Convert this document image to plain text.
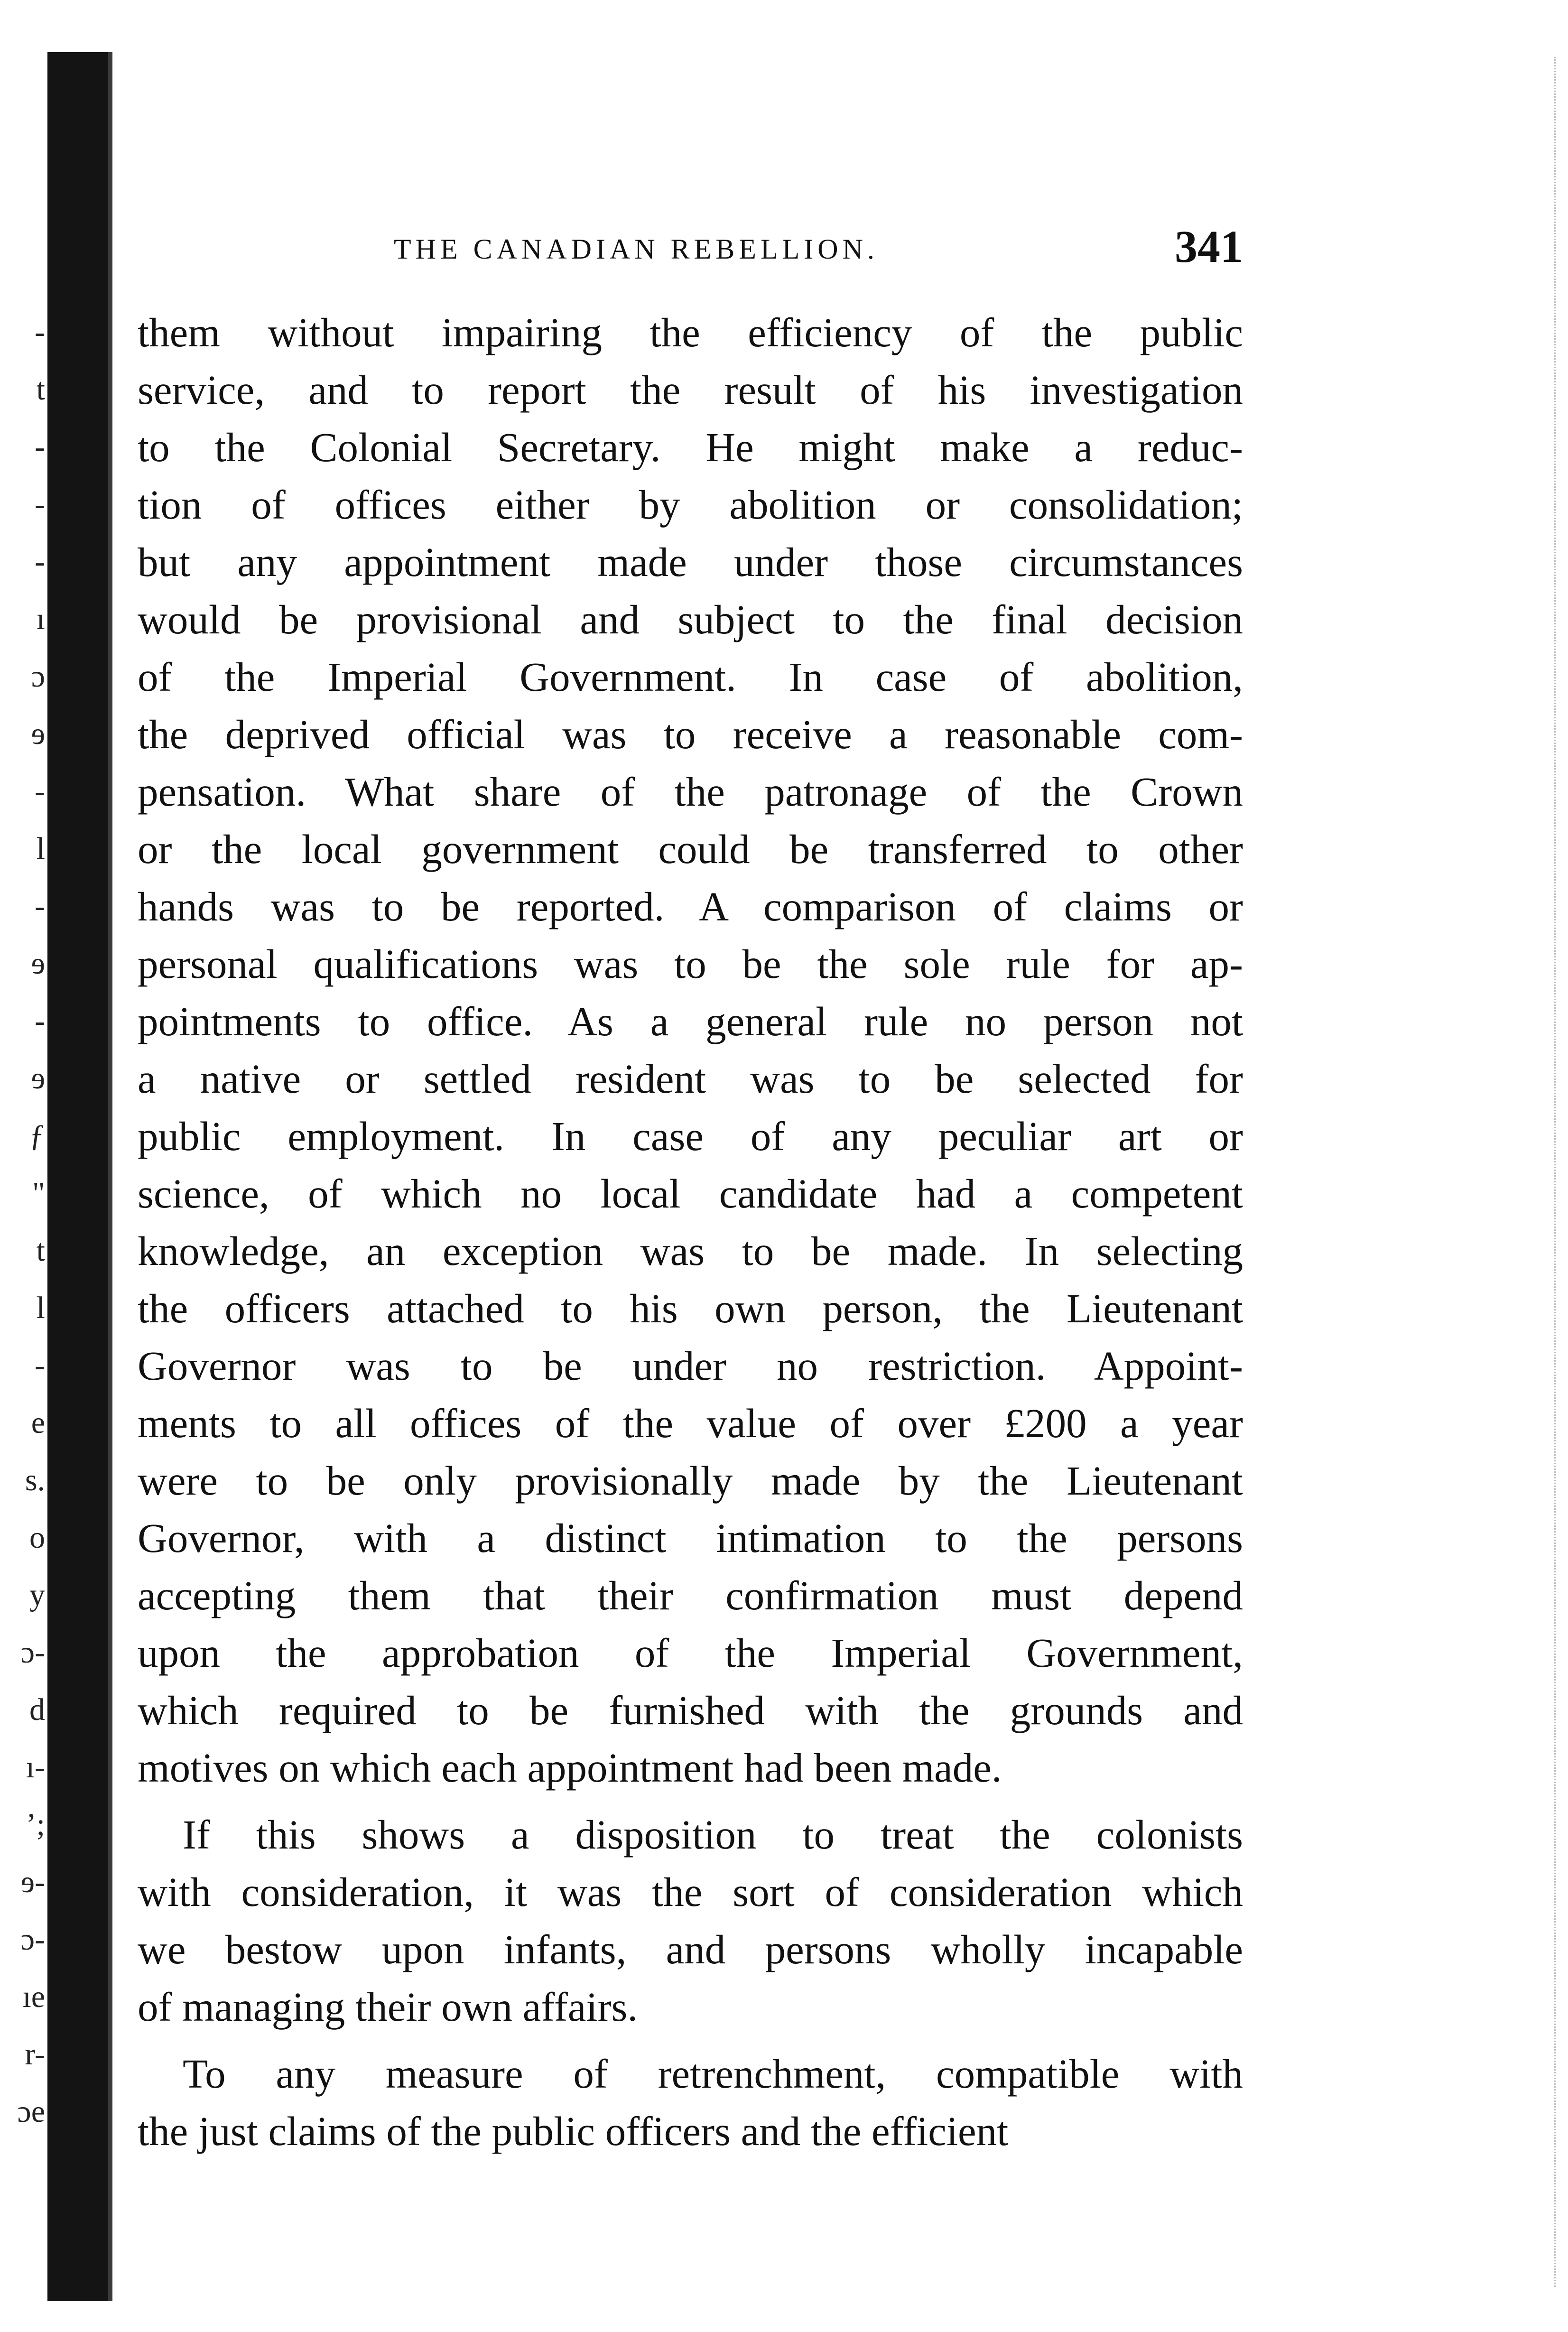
-
t
-
-
-
ı
ɔ
ɘ
-
l
-
ɘ
-
ɘ
ƒ
"
t
l
-
e
s.
o
y
ɔ-
d
ı-
ʼ;
ɘ-
ɔ-
ıe
r-
ɔe
THE CANADIAN REBELLION.	341
them without impairing the efficiency of the public
service, and to report the result of his investigation
to the Colonial Secretary. He might make a reduc-
tion of offices either by abolition or consolidation;
but any appointment made under those circumstances
would be provisional and subject to the final decision
of the Imperial Government. In case of abolition,
the deprived official was to receive a reasonable com-
pensation. What share of the patronage of the Crown
or the local government could be transferred to other
hands was to be reported. A comparison of claims or
personal qualifications was to be the sole rule for ap-
pointments to office. As a general rule no person not
a native or settled resident was to be selected for
public employment. In case of any peculiar art or
science, of which no local candidate had a competent
knowledge, an exception was to be made. In selecting
the officers attached to his own person, the Lieutenant
Governor was to be under no restriction. Appoint-
ments to all offices of the value of over £200 a year
were to be only provisionally made by the Lieutenant
Governor, with a distinct intimation to the persons
accepting them that their confirmation must depend
upon the approbation of the Imperial Government,
which required to be furnished with the grounds and
motives on which each appointment had been made.
If this shows a disposition to treat the colonists
with consideration, it was the sort of consideration which
we bestow upon infants, and persons wholly incapable
of managing their own affairs.
To any measure of retrenchment, compatible with
the just claims of the public officers and the efficient
